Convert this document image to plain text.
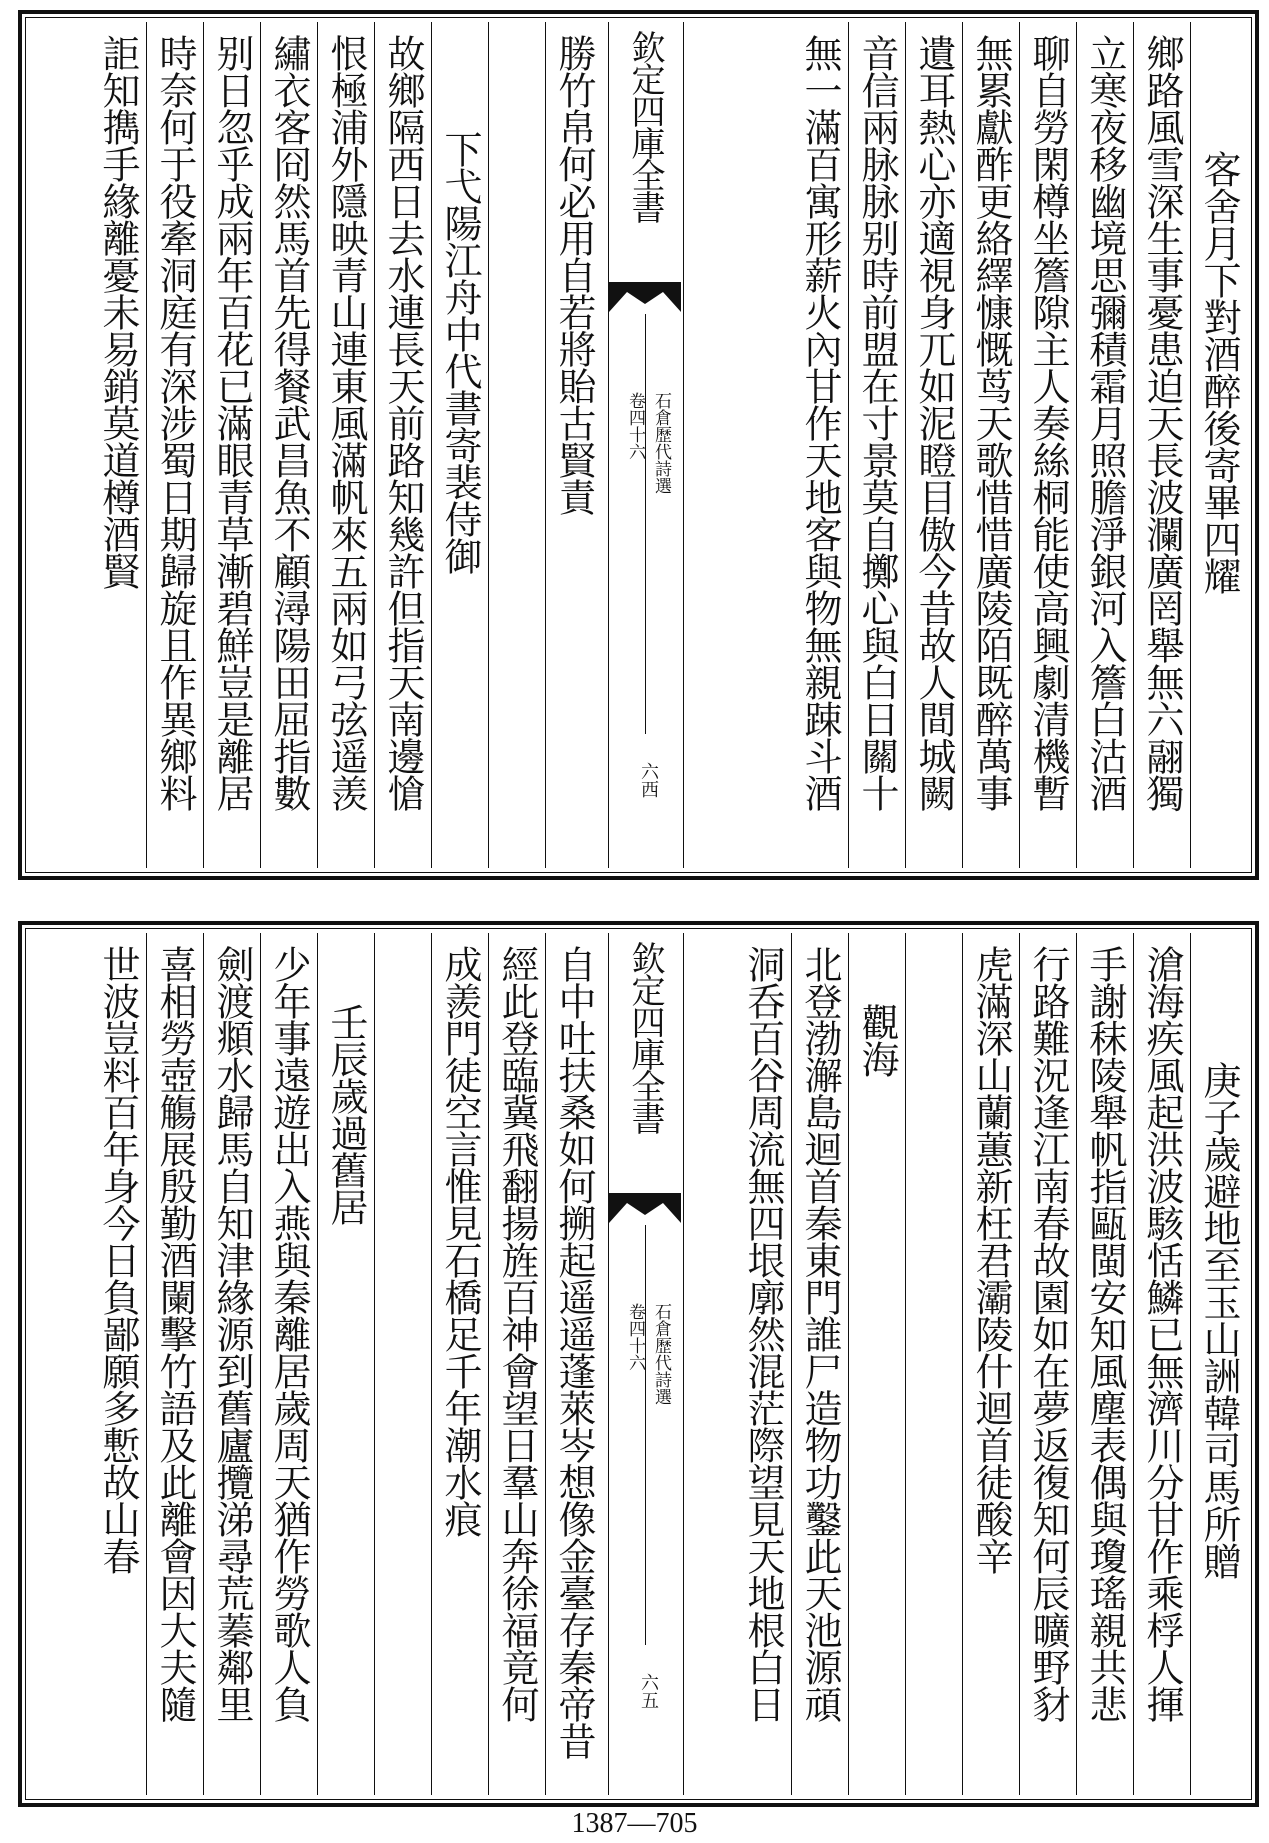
客舍月下對酒醉後寄畢四耀
鄉路風雪深生事憂患迫天長波瀾廣罔舉無六翮獨
立寒夜移幽境思彌積霜月照膽淨銀河入簷白沽酒
聊自勞閑樽坐簷隙主人奏絲桐能使高興劇清機暫
無累獻酢更絡繹慷慨茑天歌惜惜廣陵陌既醉萬事
遺耳熱心亦適視身兀如泥瞪目傲今昔故人間城闕
音信兩脉脉别時前盟在寸景莫自擲心與白日關十
無一滿百寓形薪火內甘作天地客與物無親踈斗酒
欽定四庫全書
石倉歷代詩選
卷四十六
六西
勝竹帛何必用自若將貽古賢責
下弋陽江舟中代書寄裴侍御
故鄉隔西日去水連長天前路知幾許但指天南邊愴
恨極浦外隱映青山連東風滿帆來五兩如弓弦遥羡
繡衣客冏然馬首先得餐武昌魚不顧潯陽田屈指數
别日忽乎成兩年百花已滿眼青草漸碧鮮豈是離居
時奈何于役牽洞庭有深涉蜀日期歸旋且作異鄉料
詎知擕手緣離憂未易銷莫道樽酒賢
庚子歲避地至玉山詶韓司馬所贈
滄海疾風起洪波駭恬鱗已無濟川分甘作乘桴人揮
手謝秣陵舉帆指甌閩安知風塵表偶與瓊瑤親共悲
行路難況逢江南春故園如在夢返復知何辰曠野豺
虎滿深山蘭蕙新枉君灞陵什迴首徒酸辛
觀海
北登渤澥島迴首秦東門誰尸造物功鑿此天池源頑
洞呑百谷周流無四垠廓然混茫際望見天地根白日
欽定四庫全書
石倉歷代詩選
卷四十六
六五
自中吐扶桑如何搠起遥遥蓬萊岑想像金臺存秦帝昔
經此登臨冀飛翻揚旌百神會望日羣山奔徐福竟何
成羨門徒空言惟見石橋足千年潮水痕
壬辰歲過舊居
少年事遠遊出入燕與秦離居歲周天猶作勞歌人負
劍渡頫水歸馬自知津緣源到舊廬攬涕尋荒蓁鄰里
喜相勞壺觴展殷勤酒闌擊竹語及此離會因大夫隨
世波豈料百年身今日負鄙願多慙故山春
1387—705
